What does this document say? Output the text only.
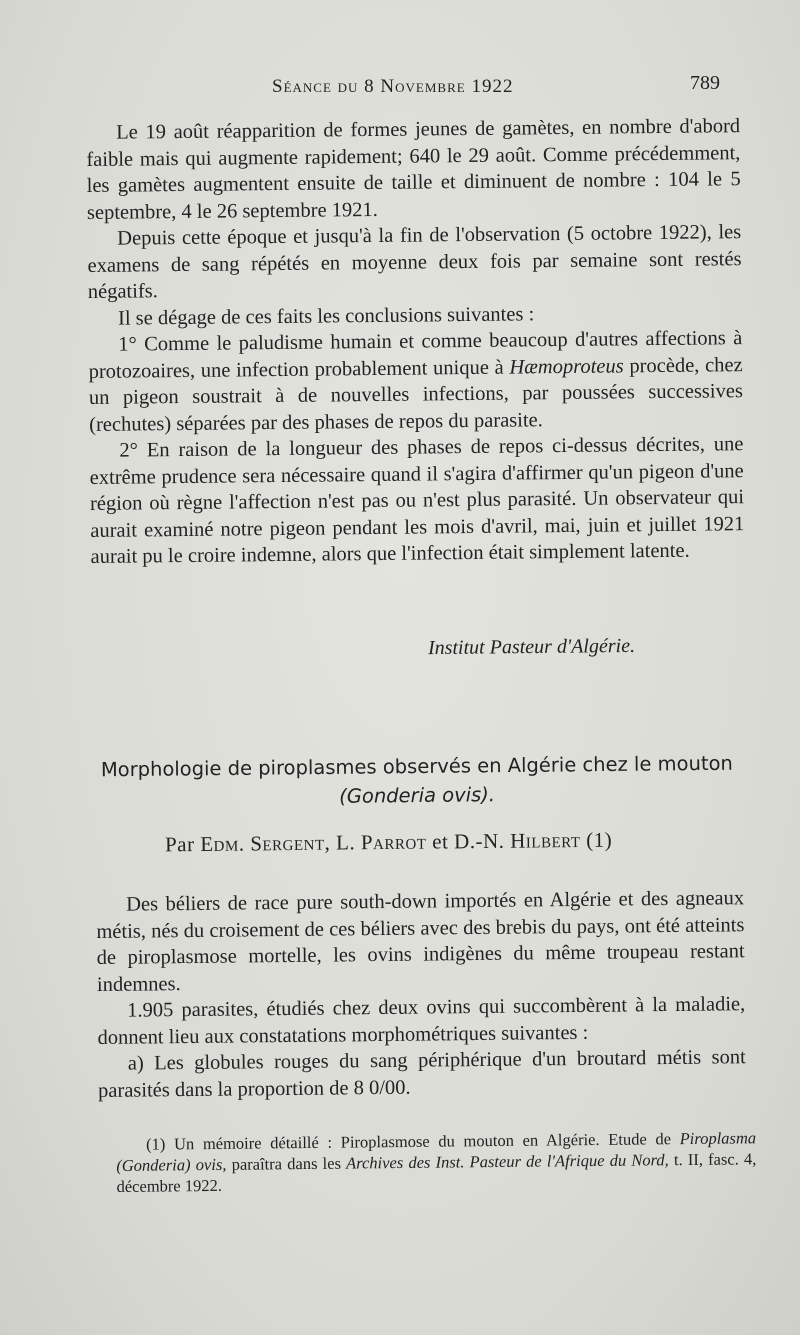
Séance du 8 Novembre 1922	789

Le 19 août réapparition de formes jeunes de gamètes, en nombre d'abord faible mais qui augmente rapidement; 640 le 29 août. Comme précédemment, les gamètes augmentent ensuite de taille et diminuent de nombre : 104 le 5 septembre, 4 le 26 septembre 1921.

Depuis cette époque et jusqu'à la fin de l'observation (5 octobre 1922), les examens de sang répétés en moyenne deux fois par semaine sont restés négatifs.

Il se dégage de ces faits les conclusions suivantes :

1° Comme le paludisme humain et comme beaucoup d'autres affections à protozoaires, une infection probablement unique à Hæmoproteus procède, chez un pigeon soustrait à de nouvelles infections, par poussées successives (rechutes) séparées par des phases de repos du parasite.

2° En raison de la longueur des phases de repos ci-dessus décrites, une extrême prudence sera nécessaire quand il s'agira d'affirmer qu'un pigeon d'une région où règne l'affection n'est pas ou n'est plus parasité. Un observateur qui aurait examiné notre pigeon pendant les mois d'avril, mai, juin et juillet 1921 aurait pu le croire indemne, alors que l'infection était simplement latente.

Institut Pasteur d'Algérie.
Morphologie de piroplasmes observés en Algérie chez le mouton
(Gonderia ovis).
Par Edm. Sergent, L. Parrot et D.-N. Hilbert (1)

Des béliers de race pure south-down importés en Algérie et des agneaux métis, nés du croisement de ces béliers avec des brebis du pays, ont été atteints de piroplasmose mortelle, les ovins indigènes du même troupeau restant indemnes.

1.905 parasites, étudiés chez deux ovins qui succombèrent à la maladie, donnent lieu aux constatations morphométriques suivantes :

a) Les globules rouges du sang périphérique d'un broutard métis sont parasités dans la proportion de 8 0/00.

(1) Un mémoire détaillé : Piroplasmose du mouton en Algérie. Etude de Piroplasma (Gonderia) ovis, paraîtra dans les Archives des Inst. Pasteur de l'Afrique du Nord, t. II, fasc. 4, décembre 1922.
